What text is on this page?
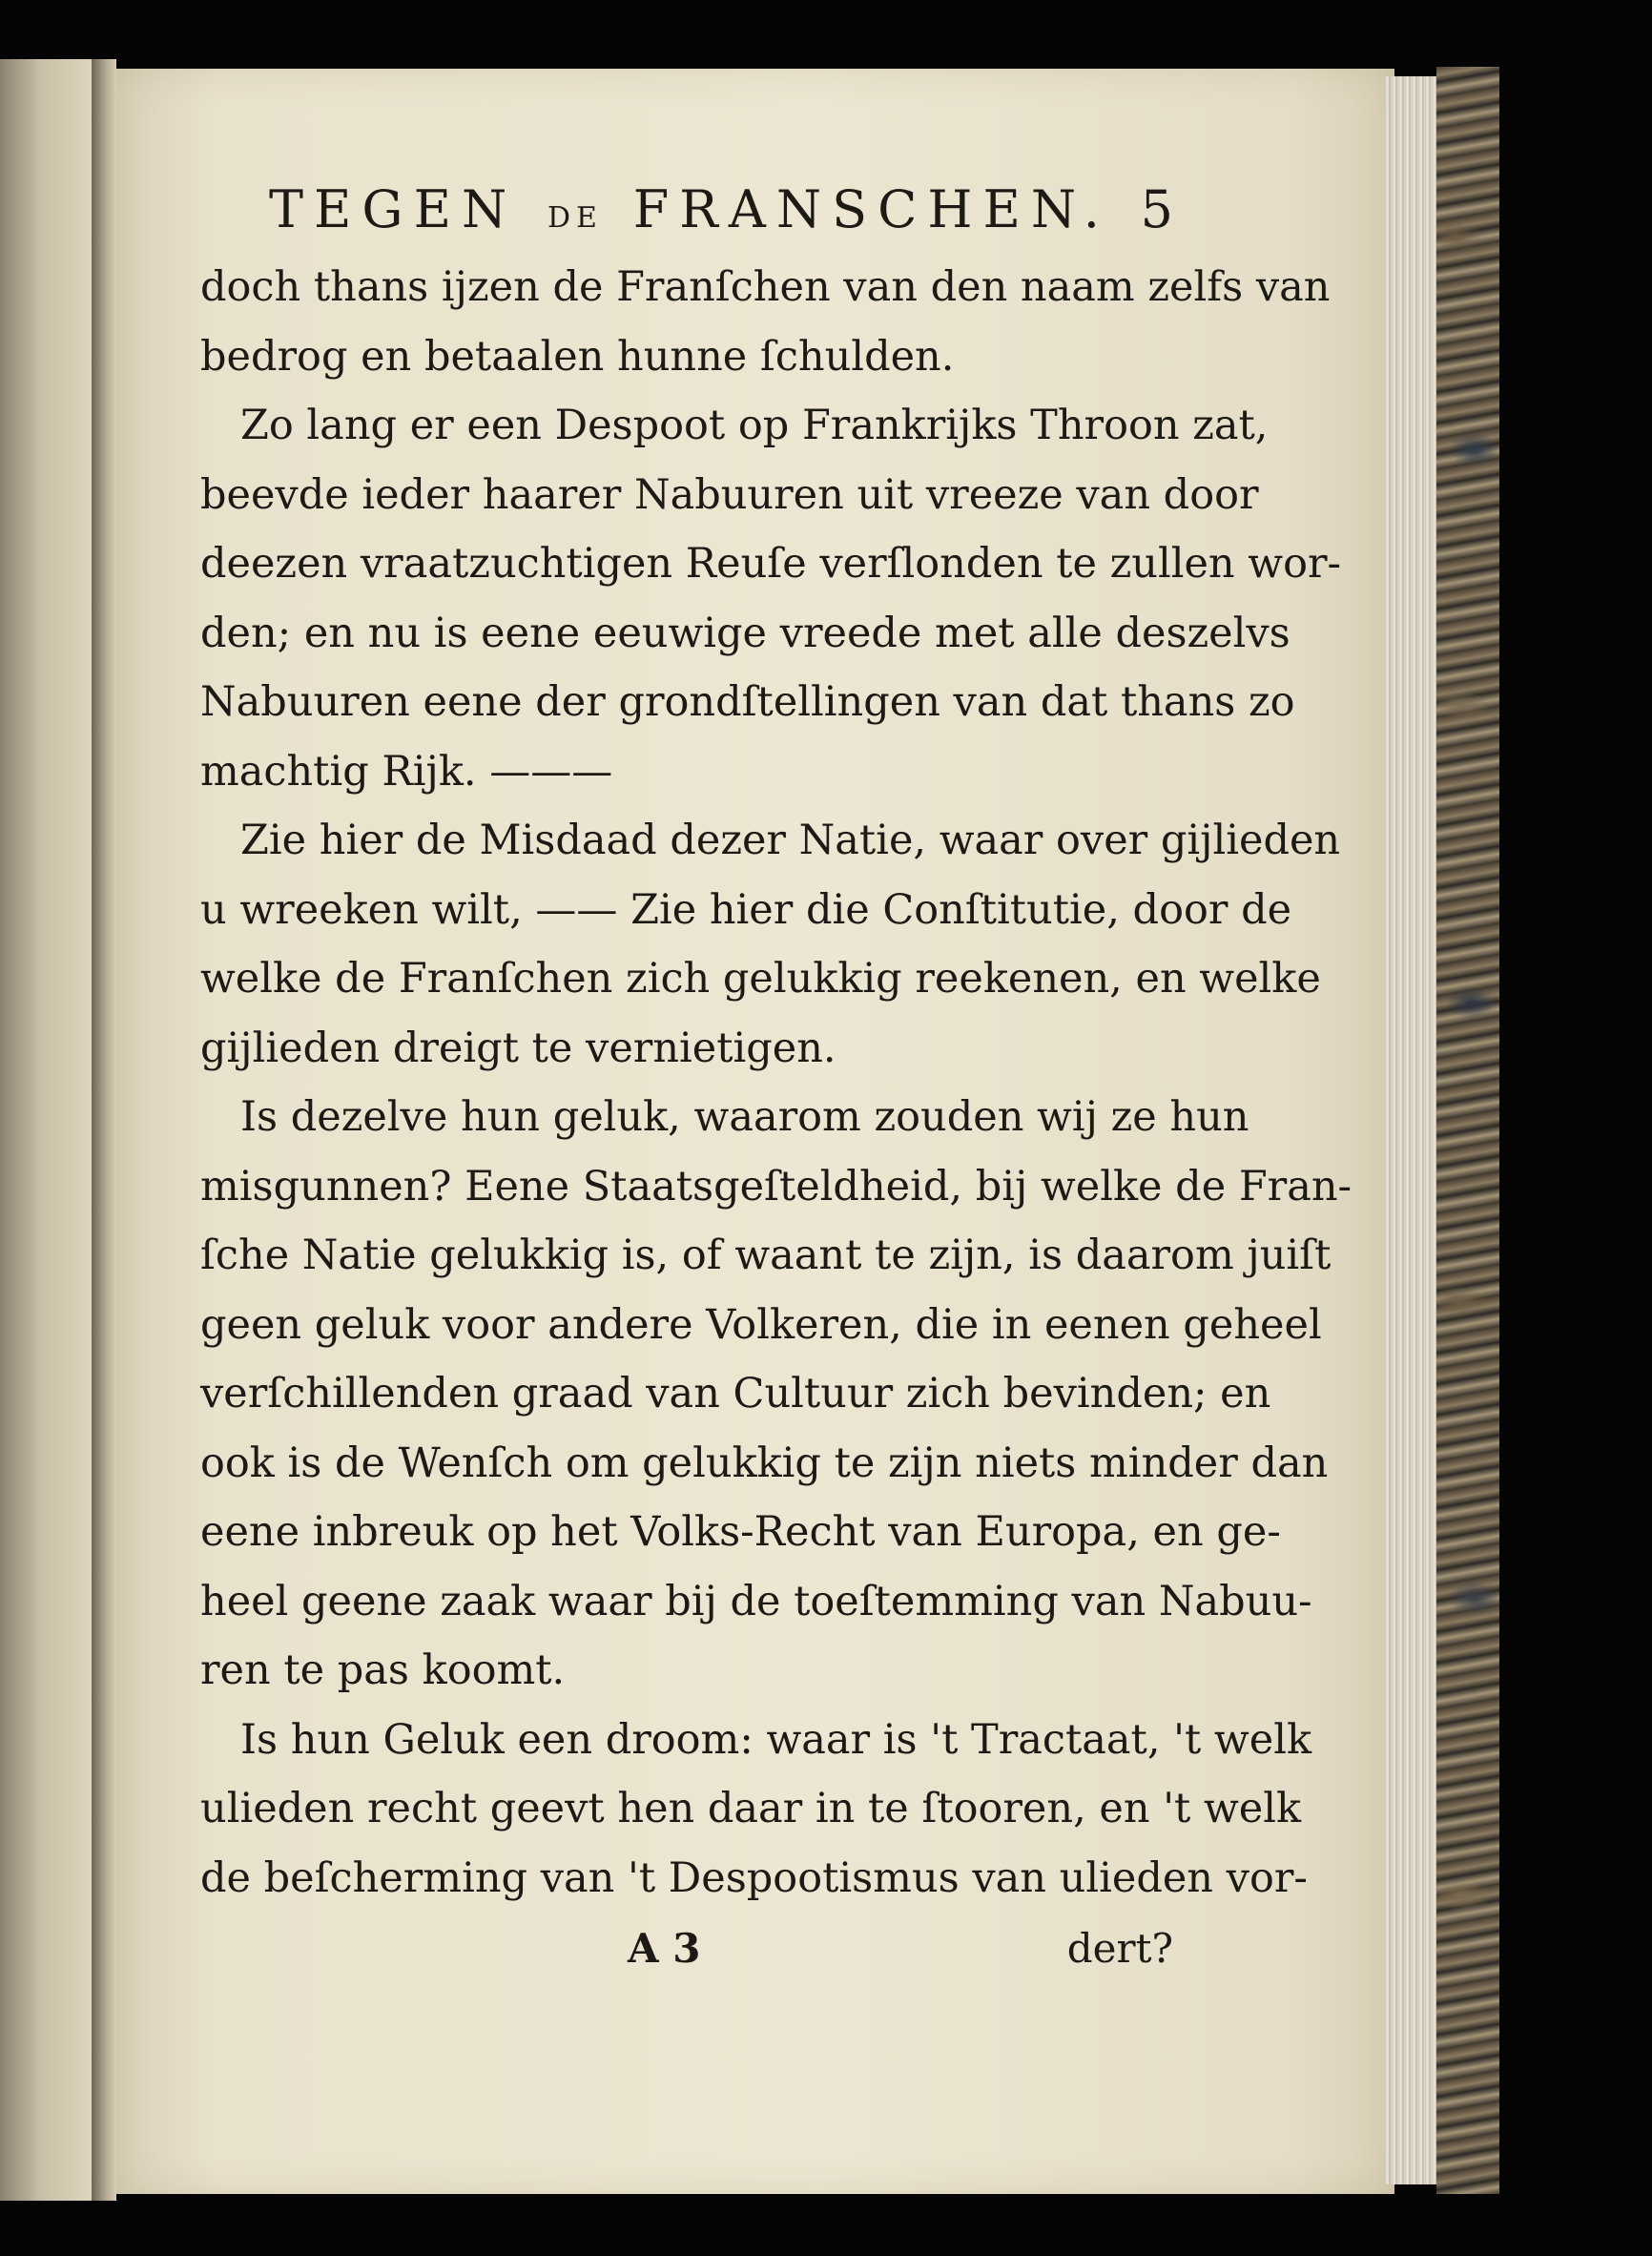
TEGEN DE FRANSCHEN. 5
doch thans ijzen de Franſchen van den naam zelfs van
bedrog en betaalen hunne ſchulden.
Zo lang er een Despoot op Frankrijks Throon zat,
beevde ieder haarer Nabuuren uit vreeze van door
deezen vraatzuchtigen Reuſe verſlonden te zullen wor-
den; en nu is eene eeuwige vreede met alle deszelvs
Nabuuren eene der grondſtellingen van dat thans zo
machtig Rijk. ———
Zie hier de Misdaad dezer Natie, waar over gijlieden
u wreeken wilt, —— Zie hier die Conſtitutie, door de
welke de Franſchen zich gelukkig reekenen, en welke
gijlieden dreigt te vernietigen.
Is dezelve hun geluk, waarom zouden wij ze hun
misgunnen? Eene Staatsgeſteldheid, bij welke de Fran-
ſche Natie gelukkig is, of waant te zijn, is daarom juiſt
geen geluk voor andere Volkeren, die in eenen geheel
verſchillenden graad van Cultuur zich bevinden; en
ook is de Wenſch om gelukkig te zijn niets minder dan
eene inbreuk op het Volks-Recht van Europa, en ge-
heel geene zaak waar bij de toeſtemming van Nabuu-
ren te pas koomt.
Is hun Geluk een droom: waar is 't Tractaat, 't welk
ulieden recht geevt hen daar in te ſtooren, en 't welk
de beſcherming van 't Despootismus van ulieden vor-
A 3	dert?
